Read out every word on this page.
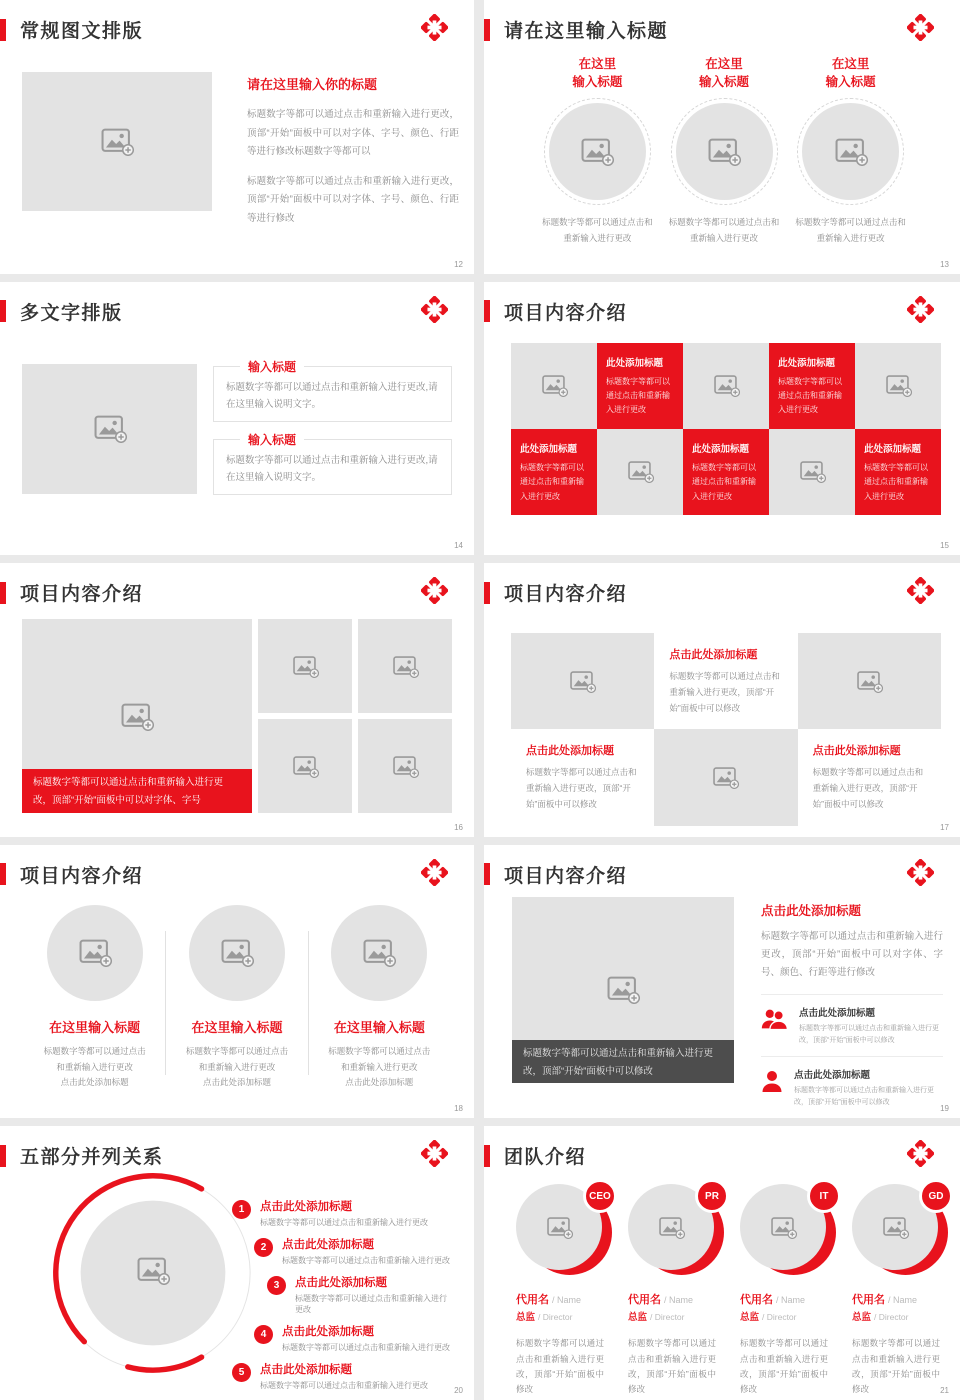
常规图文排版
请在这里输入你的标题

标题数字等都可以通过点击和重新输入进行更改，顶部“开始”面板中可以对字体、字号、颜色、行距等进行修改标题数字等都可以

标题数字等都可以通过点击和重新输入进行更改，顶部“开始”面板中可以对字体、字号、颜色、行距等进行修改

12
请在这里输入标题
在这里
输入标题

标题数字等都可以通过点击和重新输入进行更改

在这里
输入标题

标题数字等都可以通过点击和重新输入进行更改

在这里
输入标题

标题数字等都可以通过点击和重新输入进行更改

13
多文字排版
输入标题

标题数字等都可以通过点击和重新输入进行更改,请在这里输入说明文字。

输入标题

标题数字等都可以通过点击和重新输入进行更改,请在这里输入说明文字。

14
项目内容介绍
此处添加标题

标题数字等都可以通过点击和重新输入进行更改

此处添加标题

标题数字等都可以通过点击和重新输入进行更改

此处添加标题

标题数字等都可以通过点击和重新输入进行更改

此处添加标题

标题数字等都可以通过点击和重新输入进行更改

此处添加标题

标题数字等都可以通过点击和重新输入进行更改

15
项目内容介绍
标题数字等都可以通过点击和重新输入进行更改，顶部“开始”面板中可以对字体、字号
16
项目内容介绍
点击此处添加标题

标题数字等都可以通过点击和重新输入进行更改，顶部“开始”面板中可以修改

点击此处添加标题

标题数字等都可以通过点击和重新输入进行更改，顶部“开始”面板中可以修改

点击此处添加标题

标题数字等都可以通过点击和重新输入进行更改，顶部“开始”面板中可以修改

17
项目内容介绍
在这里输入标题
标题数字等都可以通过点击和重新输入进行更改
点击此处添加标题
在这里输入标题
标题数字等都可以通过点击和重新输入进行更改
点击此处添加标题
在这里输入标题
标题数字等都可以通过点击和重新输入进行更改
点击此处添加标题
18
项目内容介绍
标题数字等都可以通过点击和重新输入进行更改，顶部“开始”面板中可以修改
点击此处添加标题

标题数字等都可以通过点击和重新输入进行更改，顶部“开始”面板中可以对字体、字号、颜色、行距等进行修改

点击此处添加标题

标题数字等都可以通过点击和重新输入进行更改，顶部“开始”面板中可以修改

点击此处添加标题

标题数字等都可以通过点击和重新输入进行更改，顶部“开始”面板中可以修改

19
五部分并列关系
1	点击此处添加标题

标题数字等都可以通过点击和重新输入进行更改

2	点击此处添加标题

标题数字等都可以通过点击和重新输入进行更改

3	点击此处添加标题

标题数字等都可以通过点击和重新输入进行更改

4	点击此处添加标题

标题数字等都可以通过点击和重新输入进行更改

5	点击此处添加标题

标题数字等都可以通过点击和重新输入进行更改

20
团队介绍
CEO
代用名 / Name
总监 / Director

标题数字等都可以通过点击和重新输入进行更改，顶部“开始”面板中修改

PR
代用名 / Name
总监 / Director

标题数字等都可以通过点击和重新输入进行更改，顶部“开始”面板中修改

IT
代用名 / Name
总监 / Director

标题数字等都可以通过点击和重新输入进行更改，顶部“开始”面板中修改

GD
代用名 / Name
总监 / Director

标题数字等都可以通过点击和重新输入进行更改，顶部“开始”面板中修改	21
